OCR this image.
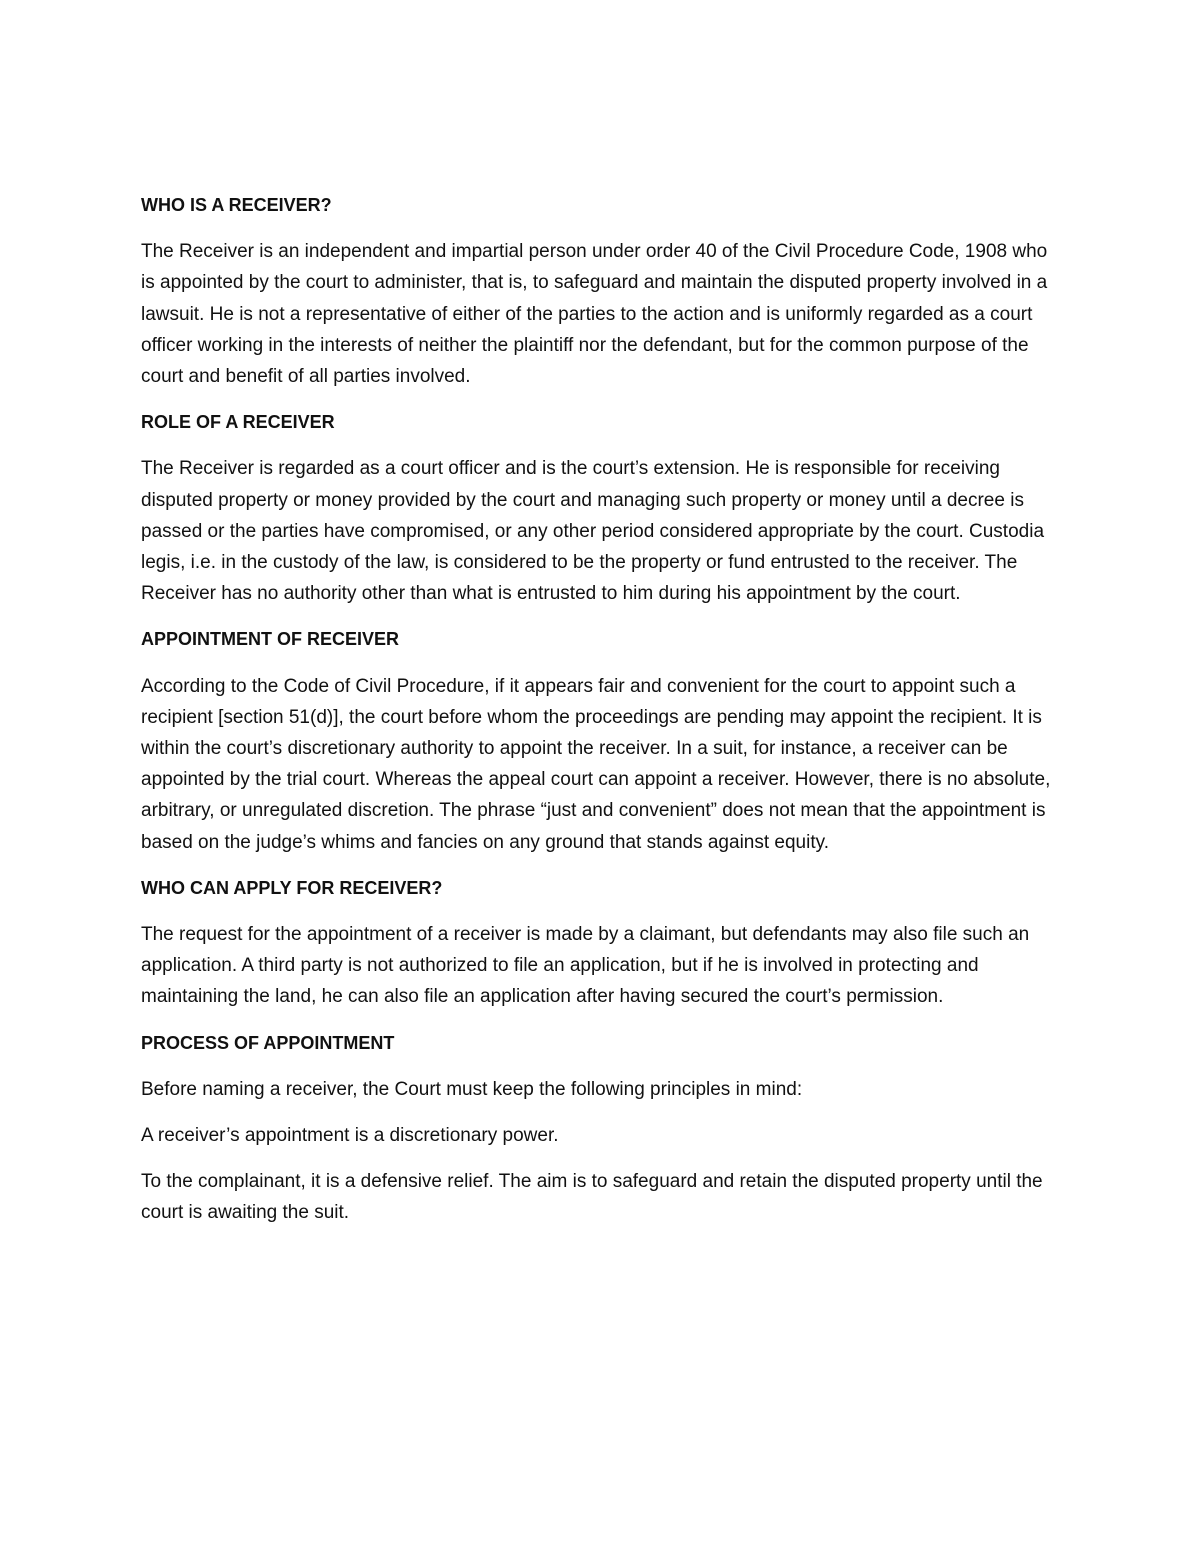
WHO IS A RECEIVER?

The Receiver is an independent and impartial person under order 40 of the Civil Procedure Code, 1908 who is appointed by the court to administer, that is, to safeguard and maintain the disputed property involved in a lawsuit. He is not a representative of either of the parties to the action and is uniformly regarded as a court officer working in the interests of neither the plaintiff nor the defendant, but for the common purpose of the court and benefit of all parties involved.

ROLE OF A RECEIVER

The Receiver is regarded as a court officer and is the court’s extension. He is responsible for receiving disputed property or money provided by the court and managing such property or money until a decree is passed or the parties have compromised, or any other period considered appropriate by the court. Custodia legis, i.e. in the custody of the law, is considered to be the property or fund entrusted to the receiver. The Receiver has no authority other than what is entrusted to him during his appointment by the court.

APPOINTMENT OF RECEIVER

According to the Code of Civil Procedure, if it appears fair and convenient for the court to appoint such a recipient [section 51(d)], the court before whom the proceedings are pending may appoint the recipient. It is within the court’s discretionary authority to appoint the receiver. In a suit, for instance, a receiver can be appointed by the trial court. Whereas the appeal court can appoint a receiver. However, there is no absolute, arbitrary, or unregulated discretion. The phrase “just and convenient” does not mean that the appointment is based on the judge’s whims and fancies on any ground that stands against equity.

WHO CAN APPLY FOR RECEIVER?

The request for the appointment of a receiver is made by a claimant, but defendants may also file such an application. A third party is not authorized to file an application, but if he is involved in protecting and maintaining the land, he can also file an application after having secured the court’s permission.

PROCESS OF APPOINTMENT

Before naming a receiver, the Court must keep the following principles in mind:

A receiver’s appointment is a discretionary power.

To the complainant, it is a defensive relief. The aim is to safeguard and retain the disputed property until the court is awaiting the suit.
